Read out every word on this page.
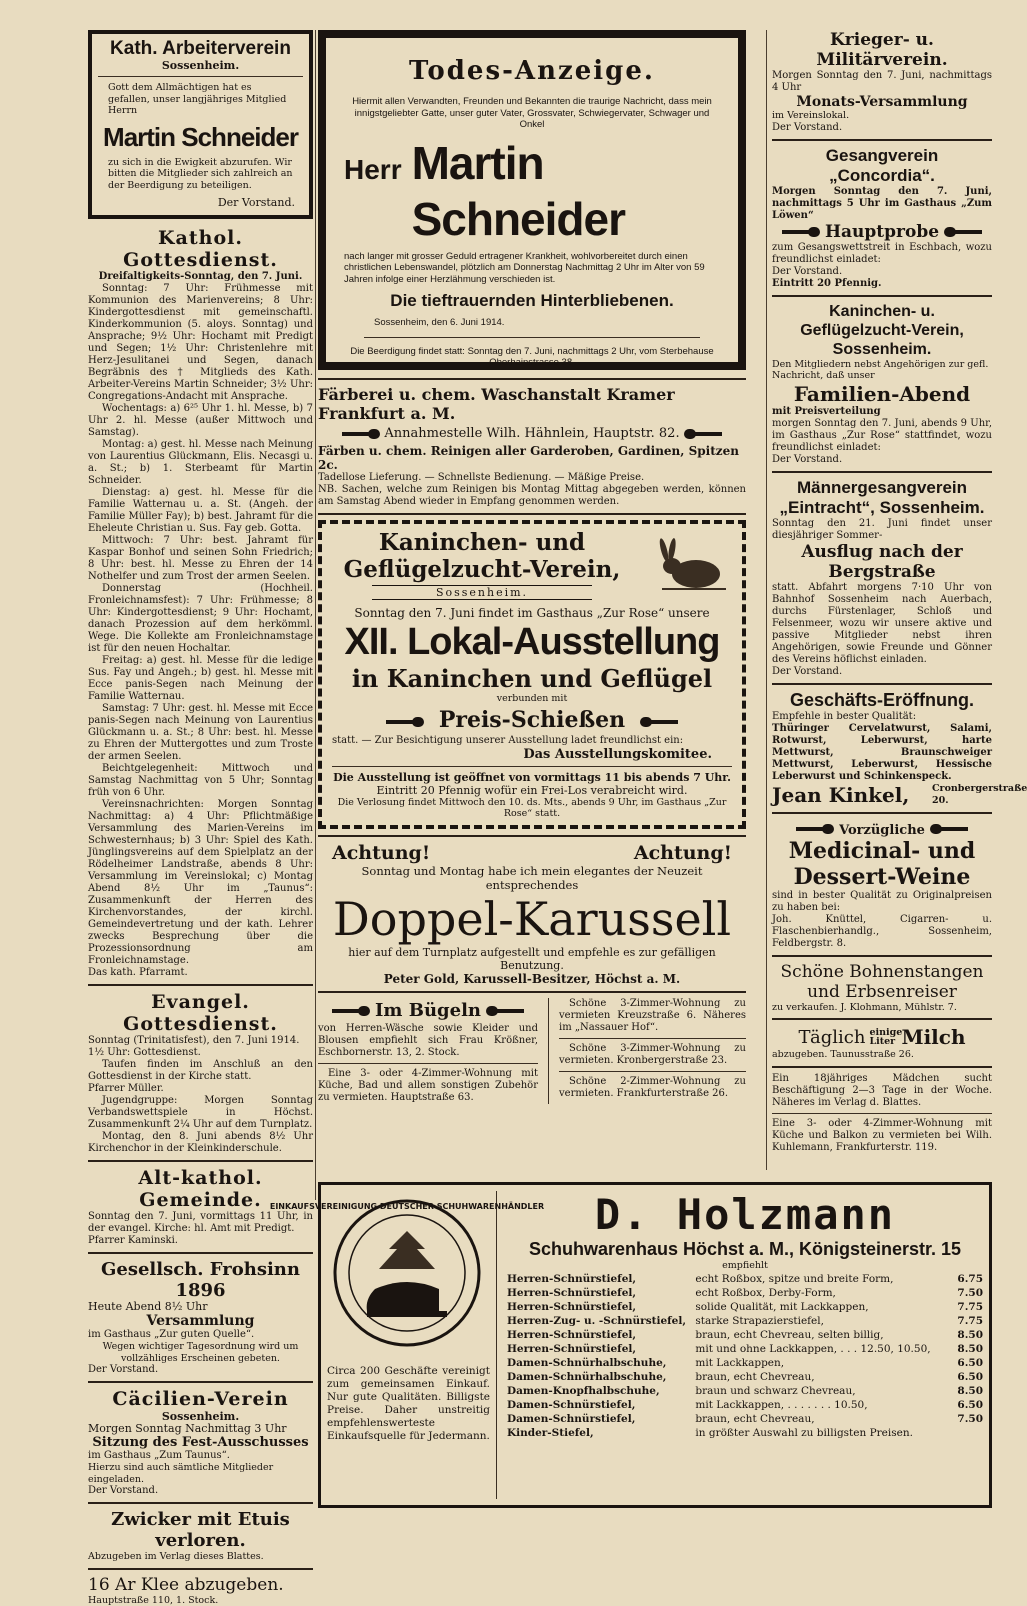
Kath. Arbeiterverein
Sossenheim.
Gott dem Allmächtigen hat es gefallen, unser langjähriges Mitglied Herrn
Martin Schneider
zu sich in die Ewigkeit abzurufen. Wir bitten die Mitglieder sich zahlreich an der Beerdigung zu beteiligen.
Der Vorstand.
Kathol. Gottesdienst.
Dreifaltigkeits-Sonntag, den 7. Juni.
Sonntag: 7 Uhr: Frühmesse mit Kommunion des Marienvereins; 8 Uhr: Kindergottesdienst mit gemeinschaftl. Kinderkommunion (5. aloys. Sonntag) und Ansprache; 9½ Uhr: Hochamt mit Predigt und Segen; 1½ Uhr: Christenlehre mit Herz-Jesulitanei und Segen, danach Begräbnis des † Mitglieds des Kath. Arbeiter-Vereins Martin Schneider; 3½ Uhr: Congregations-Andacht mit Ansprache.
Wochentags: a) 6²⁵ Uhr 1. hl. Messe, b) 7 Uhr 2. hl. Messe (außer Mittwoch und Samstag).
Montag: a) gest. hl. Messe nach Meinung von Laurentius Glückmann, Elis. Necasgi u. a. St.; b) 1. Sterbeamt für Martin Schneider.
Dienstag: a) gest. hl. Messe für die Familie Watternau u. a. St. (Angeh. der Familie Müller Fay); b) best. Jahramt für die Eheleute Christian u. Sus. Fay geb. Gotta.
Mittwoch: 7 Uhr: best. Jahramt für Kaspar Bonhof und seinen Sohn Friedrich; 8 Uhr: best. hl. Messe zu Ehren der 14 Nothelfer und zum Trost der armen Seelen.
Donnerstag (Hochheil. Fronleichnamsfest): 7 Uhr: Frühmesse; 8 Uhr: Kindergottesdienst; 9 Uhr: Hochamt, danach Prozession auf dem herkömml. Wege. Die Kollekte am Fronleichnamstage ist für den neuen Hochaltar.
Freitag: a) gest. hl. Messe für die ledige Sus. Fay und Angeh.; b) gest. hl. Messe mit Ecce panis-Segen nach Meinung der Familie Watternau.
Samstag: 7 Uhr: gest. hl. Messe mit Ecce panis-Segen nach Meinung von Laurentius Glückmann u. a. St.; 8 Uhr: best. hl. Messe zu Ehren der Muttergottes und zum Troste der armen Seelen.
Beichtgelegenheit: Mittwoch und Samstag Nachmittag von 5 Uhr; Sonntag früh von 6 Uhr.
Vereinsnachrichten: Morgen Sonntag Nachmittag: a) 4 Uhr: Pflichtmäßige Versammlung des Marien-Vereins im Schwesternhaus; b) 3 Uhr: Spiel des Kath. Jünglingsvereins auf dem Spielplatz an der Rödelheimer Landstraße, abends 8 Uhr: Versammlung im Vereinslokal; c) Montag Abend 8½ Uhr im „Taunus“: Zusammenkunft der Herren des Kirchenvorstandes, der kirchl. Gemeindevertretung und der kath. Lehrer zwecks Besprechung über die Prozessionsordnung am Fronleichnamstage.
Das kath. Pfarramt.
Evangel. Gottesdienst.
Sonntag (Trinitatisfest), den 7. Juni 1914.
1½ Uhr: Gottesdienst.
Taufen finden im Anschluß an den Gottesdienst in der Kirche statt.
Pfarrer Müller.
Jugendgruppe: Morgen Sonntag Verbandswettspiele in Höchst. Zusammenkunft 2¼ Uhr auf dem Turnplatz.
Montag, den 8. Juni abends 8½ Uhr Kirchenchor in der Kleinkinderschule.
Alt-kathol. Gemeinde.
Sonntag den 7. Juni, vormittags 11 Uhr, in der evangel. Kirche: hl. Amt mit Predigt.
Pfarrer Kaminski.
Gesellsch. Frohsinn 1896
Heute Abend 8½ Uhr
Versammlung
im Gasthaus „Zur guten Quelle“.
Wegen wichtiger Tagesordnung wird um vollzähliges Erscheinen gebeten.
Der Vorstand.
Cäcilien-Verein
Sossenheim.
Morgen Sonntag Nachmittag 3 Uhr
Sitzung des Fest-Ausschusses
im Gasthaus „Zum Taunus“.
Hierzu sind auch sämtliche Mitglieder eingeladen.
Der Vorstand.
Zwicker mit Etuis verloren.
Abzugeben im Verlag dieses Blattes.
16 Ar Klee abzugeben.
Hauptstraße 110, 1. Stock.
Todes-Anzeige.
Hiermit allen Verwandten, Freunden und Bekannten die traurige Nachricht, dass mein innigstgeliebter Gatte, unser guter Vater, Grossvater, Schwiegervater, Schwager und Onkel
Herr Martin Schneider
nach langer mit grosser Geduld ertragener Krankheit, wohlvorbereitet durch einen christlichen Lebenswandel, plötzlich am Donnerstag Nachmittag 2 Uhr im Alter von 59 Jahren infolge einer Herzlähmung verschieden ist.
Die tieftrauernden Hinterbliebenen.
Sossenheim, den 6. Juni 1914.
Die Beerdigung findet statt: Sonntag den 7. Juni, nachmittags 2 Uhr, vom Sterbehause Oberhainstrasse 38.
Färberei u. chem. Waschanstalt Kramer Frankfurt a. M.
Annahmestelle Wilh. Hähnlein, Hauptstr. 82.
Färben u. chem. Reinigen aller Garderoben, Gardinen, Spitzen 2c.
Tadellose Lieferung. — Schnellste Bedienung. — Mäßige Preise.
NB. Sachen, welche zum Reinigen bis Montag Mittag abgegeben werden, können am Samstag Abend wieder in Empfang genommen werden.
Kaninchen- und
Geflügelzucht-Verein,
Sossenheim.
Sonntag den 7. Juni findet im Gasthaus „Zur Rose“ unsere
XII. Lokal-Ausstellung
in Kaninchen und Geflügel
verbunden mit
Preis-Schießen
statt. — Zur Besichtigung unserer Ausstellung ladet freundlichst ein:
Das Ausstellungskomitee.
Die Ausstellung ist geöffnet von vormittags 11 bis abends 7 Uhr.
Eintritt 20 Pfennig wofür ein Frei-Los verabreicht wird.
Die Verlosung findet Mittwoch den 10. ds. Mts., abends 9 Uhr, im Gasthaus „Zur Rose“ statt.
Achtung!	Achtung!
Sonntag und Montag habe ich mein elegantes der Neuzeit entsprechendes
Doppel-Karussell
hier auf dem Turnplatz aufgestellt und empfehle es zur gefälligen Benutzung.
Peter Gold, Karussell-Besitzer, Höchst a. M.
Im Bügeln
von Herren-Wäsche sowie Kleider und Blousen empfiehlt sich Frau Krößner, Eschbornerstr. 13, 2. Stock.
Eine 3- oder 4-Zimmer-Wohnung mit Küche, Bad und allem sonstigen Zubehör zu vermieten. Hauptstraße 63.
Schöne 3-Zimmer-Wohnung zu vermieten Kreuzstraße 6. Näheres im „Nassauer Hof“.
Schöne 3-Zimmer-Wohnung zu vermieten. Kronbergerstraße 23.
Schöne 2-Zimmer-Wohnung zu vermieten. Frankfurterstraße 26.
Krieger- u. Militärverein.
Morgen Sonntag den 7. Juni, nachmittags 4 Uhr
Monats-Versammlung
im Vereinslokal.
Der Vorstand.
Gesangverein „Concordia“.
Morgen Sonntag den 7. Juni, nachmittags 5 Uhr im Gasthaus „Zum Löwen“
Hauptprobe
zum Gesangswettstreit in Eschbach, wozu freundlichst einladet:
Der Vorstand.
Eintritt 20 Pfennig.
Kaninchen- u. Geflügelzucht-Verein, Sossenheim.
Den Mitgliedern nebst Angehörigen zur gefl. Nachricht, daß unser
Familien-Abend
mit Preisverteilung
morgen Sonntag den 7. Juni, abends 9 Uhr, im Gasthaus „Zur Rose“ stattfindet, wozu freundlichst einladet:
Der Vorstand.
Männergesangverein „Eintracht“, Sossenheim.
Sonntag den 21. Juni findet unser diesjähriger Sommer-
Ausflug nach der Bergstraße
statt. Abfahrt morgens 7·10 Uhr von Bahnhof Sossenheim nach Auerbach, durchs Fürstenlager, Schloß und Felsenmeer, wozu wir unsere aktive und passive Mitglieder nebst ihren Angehörigen, sowie Freunde und Gönner des Vereins höflichst einladen.
Der Vorstand.
Geschäfts-Eröffnung.
Empfehle in bester Qualität:
Thüringer Cervelatwurst, Salami, Rotwurst, Leberwurst, harte Mettwurst, Braunschweiger Mettwurst, Leberwurst, Hessische Leberwurst und Schinkenspeck.
Jean Kinkel, Cronbergerstraße 20.
Vorzügliche
Medicinal- und
Dessert-Weine
sind in bester Qualität zu Originalpreisen zu haben bei:
Joh. Knüttel, Cigarren- u. Flaschenbierhandlg., Sossenheim, Feldbergstr. 8.
Schöne Bohnenstangen
und Erbsenreiser
zu verkaufen. J. Klohmann, Mühlstr. 7.
Täglich einige Liter Milch
abzugeben. Taunusstraße 26.
Ein 18jähriges Mädchen sucht Beschäftigung 2—3 Tage in der Woche. Näheres im Verlag d. Blattes.
Eine 3- oder 4-Zimmer-Wohnung mit Küche und Balkon zu vermieten bei Wilh. Kuhlemann, Frankfurterstr. 119.
EINKAUFSVEREINIGUNG DEUTSCHER SCHUHWARENHÄNDLER
Circa 200 Geschäfte vereinigt zum gemeinsamen Einkauf. Nur gute Qualitäten. Billigste Preise. Daher unstreitig empfehlenswerteste Einkaufsquelle für Jedermann.
D. Holzmann
Schuhwarenhaus Höchst a. M., Königsteinerstr. 15
empfiehlt
Herren-Schnürstiefel,	echt Roßbox, spitze und breite Form,	6.75
Herren-Schnürstiefel,	echt Roßbox, Derby-Form,	7.50
Herren-Schnürstiefel,	solide Qualität, mit Lackkappen,	7.75
Herren-Zug- u. -Schnürstiefel,	starke Strapazierstiefel,	7.75
Herren-Schnürstiefel,	braun, echt Chevreau, selten billig,	8.50
Herren-Schnürstiefel,	mit und ohne Lackkappen, . . . 12.50, 10.50,	8.50
Damen-Schnürhalbschuhe,	mit Lackkappen,	6.50
Damen-Schnürhalbschuhe,	braun, echt Chevreau,	6.50
Damen-Knopfhalbschuhe,	braun und schwarz Chevreau,	8.50
Damen-Schnürstiefel,	mit Lackkappen, . . . . . . . 10.50,	6.50
Damen-Schnürstiefel,	braun, echt Chevreau,	7.50
Kinder-Stiefel,	in größter Auswahl zu billigsten Preisen.	
